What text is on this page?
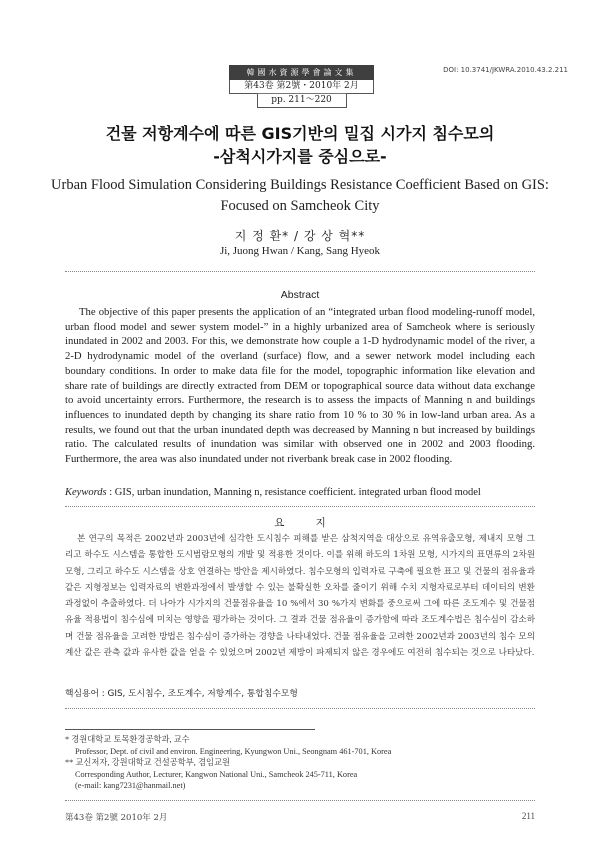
韓國水資源學會論文集
第43卷 第2號・2010年 2月
pp. 211～220
DOI: 10.3741/JKWRA.2010.43.2.211
건물 저항계수에 따른 GIS기반의 밀집 시가지 침수모의
-삼척시가지를 중심으로-
Urban Flood Simulation Considering Buildings Resistance Coefficient Based on GIS: Focused on Samcheok City
지 정 환* / 강 상 혁**
Ji, Juong Hwan / Kang, Sang Hyeok
Abstract

The objective of this paper presents the application of an “integrated urban flood modeling-runoff model, urban flood model and sewer system model-” in a highly urbanized area of Samcheok where is seriously inundated in 2002 and 2003. For this, we demonstrate how couple a 1-D hydrodynamic model of the river, a 2-D hydrodynamic model of the overland (surface) flow, and a sewer network model including each boundary conditions. In order to make data file for the model, topographic information like elevation and share rate of buildings are directly extracted from DEM or topographical source data without data exchange to avoid uncertainty errors. Furthermore, the research is to assess the impacts of Manning n and buildings influences to inundated depth by changing its share ratio from 10 % to 30 % in low-land urban area. As a results, we found out that the urban inundated depth was decreased by Manning n but increased by buildings ratio. The calculated results of inundation was similar with observed one in 2002 and 2003 flooding. Furthermore, the area was also inundated under not riverbank break case in 2002 flooding.

Keywords : GIS, urban inundation, Manning n, resistance coefficient. integrated urban flood model
요 지

본 연구의 목적은 2002년과 2003년에 심각한 도시침수 피해를 받은 삼척지역을 대상으로 유역유출모형, 제내지 모형 그리고 하수도 시스템을 통합한 도시범람모형의 개발 및 적용한 것이다. 이를 위해 하도의 1차원 모형, 시가지의 표면류의 2차원 모형, 그리고 하수도 시스템을 상호 연결하는 방안을 제시하였다. 침수모형의 입력자료 구축에 필요한 표고 및 건물의 점유율과 같은 지형정보는 입력자료의 변환과정에서 발생할 수 있는 불확실한 오차를 줄이기 위해 수치 지형자료로부터 데이터의 변환 과정없이 추출하였다. 더 나아가 시가지의 건물점유율을 10 %에서 30 %가지 변화를 중으로써 그에 따른 조도계수 및 건물점유율 적용법이 침수심에 미치는 영향을 평가하는 것이다. 그 결과 건물 점유율이 증가함에 따라 조도계수법은 침수심이 감소하며 건물 점유율을 고려한 방법은 침수심이 증가하는 경향을 나타내었다. 건물 점유율을 고려한 2002년과 2003년의 침수 모의계산 값은 관측 값과 유사한 값을 얻을 수 있었으며 2002년 제방이 파제되지 않은 경우에도 여전히 침수되는 것으로 나타났다.

핵심용어 : GIS, 도시침수, 조도계수, 저항계수, 통합침수모형
* 경원대학교 토목환경공학과, 교수
Professor, Dept. of civil and environ. Engineering, Kyungwon Uni., Seongnam 461-701, Korea
** 교신저자, 강원대학교 건설공학부, 겸임교원
Corresponding Author, Lecturer, Kangwon National Uni., Samcheok 245-711, Korea
(e-mail: kang7231@hanmail.net)
第43卷 第2號 2010年 2月	211
